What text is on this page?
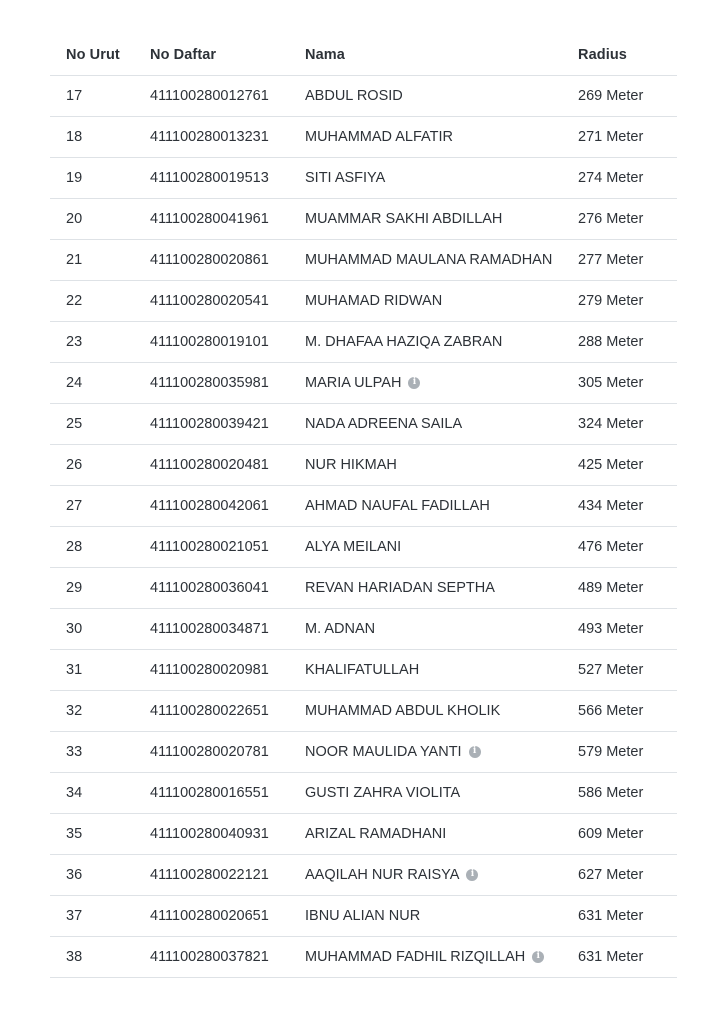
No Urut	No Daftar	Nama	Radius
17	411100280012761	ABDUL ROSID	269 Meter
18	411100280013231	MUHAMMAD ALFATIR	271 Meter
19	411100280019513	SITI ASFIYA	274 Meter
20	411100280041961	MUAMMAR SAKHI ABDILLAH	276 Meter
21	411100280020861	MUHAMMAD MAULANA RAMADHAN	277 Meter
22	411100280020541	MUHAMAD RIDWAN	279 Meter
23	411100280019101	M. DHAFAA HAZIQA ZABRAN	288 Meter
24	411100280035981	MARIA ULPAH i	305 Meter
25	411100280039421	NADA ADREENA SAILA	324 Meter
26	411100280020481	NUR HIKMAH	425 Meter
27	411100280042061	AHMAD NAUFAL FADILLAH	434 Meter
28	411100280021051	ALYA MEILANI	476 Meter
29	411100280036041	REVAN HARIADAN SEPTHA	489 Meter
30	411100280034871	M. ADNAN	493 Meter
31	411100280020981	KHALIFATULLAH	527 Meter
32	411100280022651	MUHAMMAD ABDUL KHOLIK	566 Meter
33	411100280020781	NOOR MAULIDA YANTI i	579 Meter
34	411100280016551	GUSTI ZAHRA VIOLITA	586 Meter
35	411100280040931	ARIZAL RAMADHANI	609 Meter
36	411100280022121	AAQILAH NUR RAISYA i	627 Meter
37	411100280020651	IBNU ALIAN NUR	631 Meter
38	411100280037821	MUHAMMAD FADHIL RIZQILLAH i	631 Meter
